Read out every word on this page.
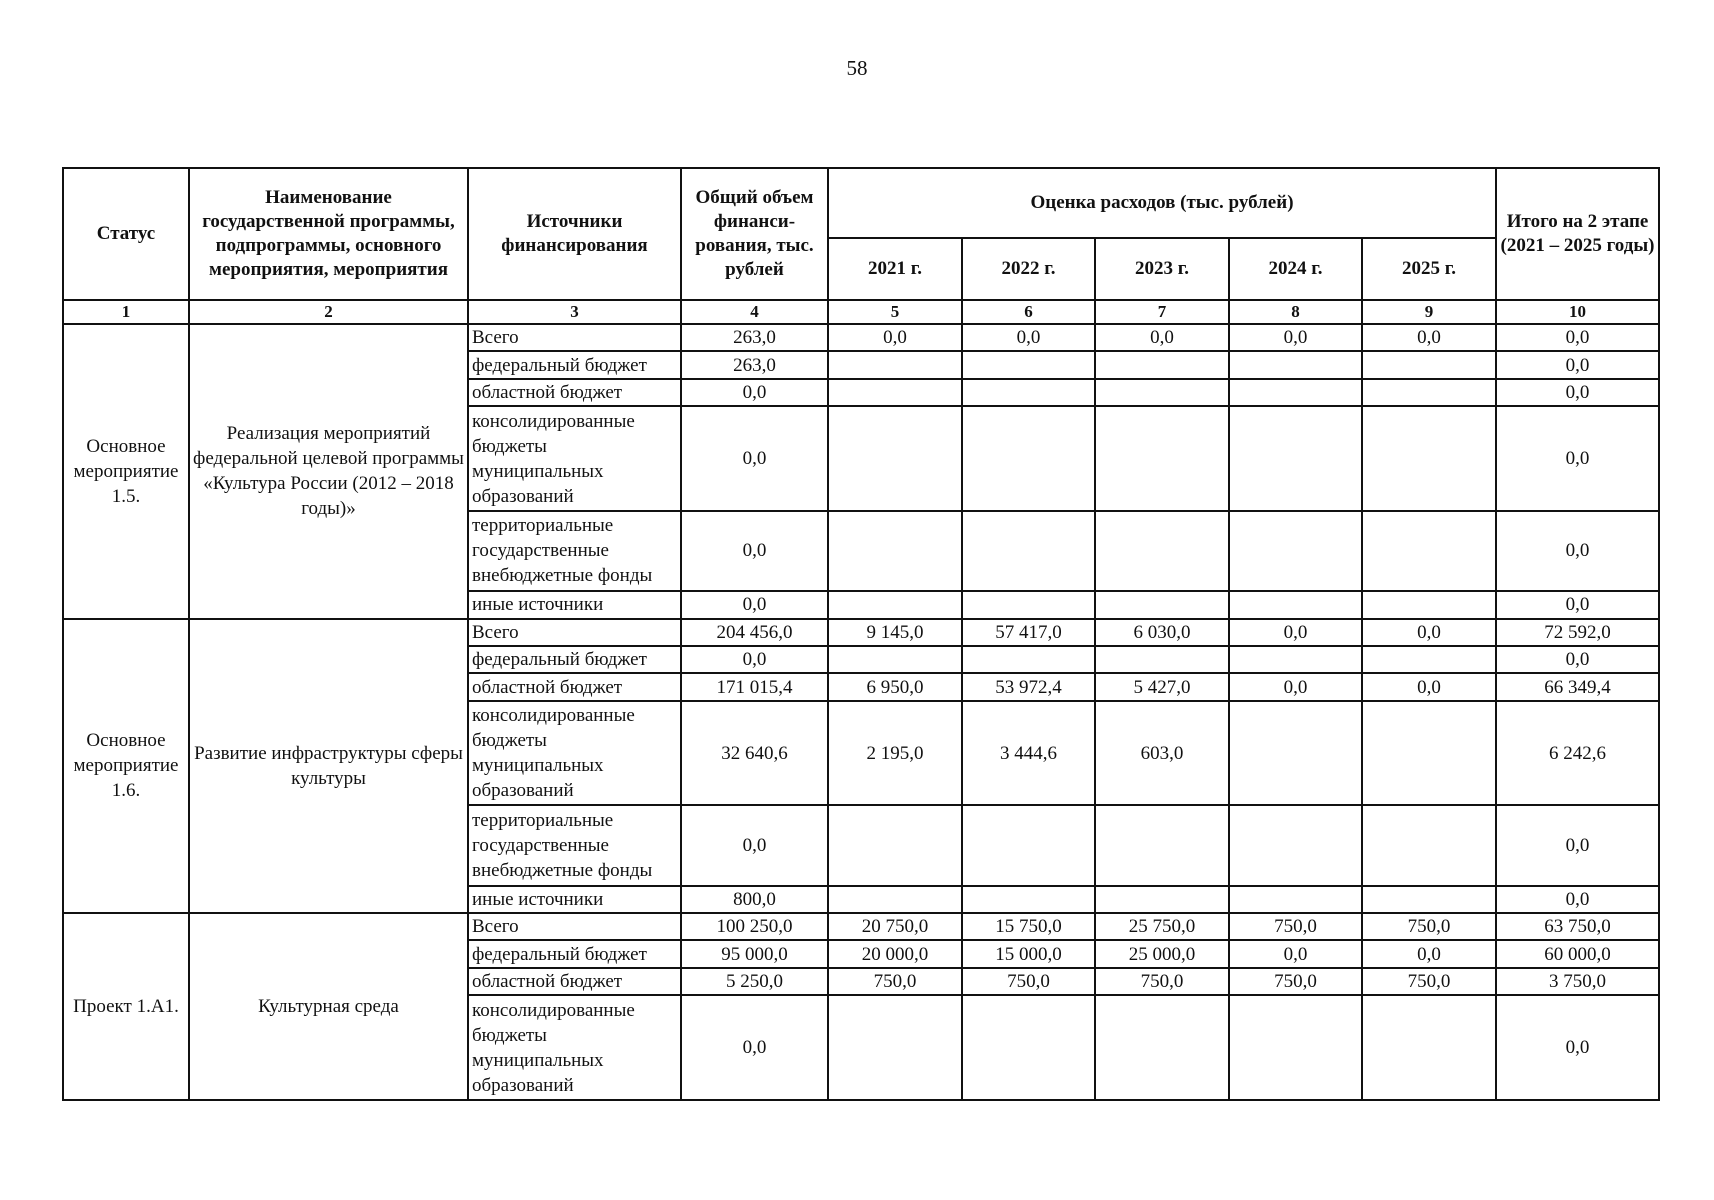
58
Статус	Наименование государственной программы, подпрограммы, основного мероприятия, мероприятия	Источники финансирования	Общий объем финанси-рования, тыс. рублей	Оценка расходов (тыс. рублей)					Итого на 2 этапе (2021 – 2025 годы)
				2021 г.	2022 г.	2023 г.	2024 г.	2025 г.	
1	2	3	4	5	6	7	8	9	10
Основное мероприятие 1.5.	Реализация мероприятий федеральной целевой программы «Культура России (2012 – 2018 годы)»	Всего	263,0	0,0	0,0	0,0	0,0	0,0	0,0
		федеральный бюджет	263,0						0,0
		областной бюджет	0,0						0,0
		консолидированные бюджеты муниципальных образований	0,0						0,0
		территориальные государственные внебюджетные фонды	0,0						0,0
		иные источники	0,0						0,0
Основное мероприятие 1.6.	Развитие инфраструктуры сферы культуры	Всего	204 456,0	9 145,0	57 417,0	6 030,0	0,0	0,0	72 592,0
		федеральный бюджет	0,0						0,0
		областной бюджет	171 015,4	6 950,0	53 972,4	5 427,0	0,0	0,0	66 349,4
		консолидированные бюджеты муниципальных образований	32 640,6	2 195,0	3 444,6	603,0			6 242,6
		территориальные государственные внебюджетные фонды	0,0						0,0
		иные источники	800,0						0,0
Проект 1.А1.	Культурная среда	Всего	100 250,0	20 750,0	15 750,0	25 750,0	750,0	750,0	63 750,0
		федеральный бюджет	95 000,0	20 000,0	15 000,0	25 000,0	0,0	0,0	60 000,0
		областной бюджет	5 250,0	750,0	750,0	750,0	750,0	750,0	3 750,0
		консолидированные бюджеты муниципальных образований	0,0						0,0
